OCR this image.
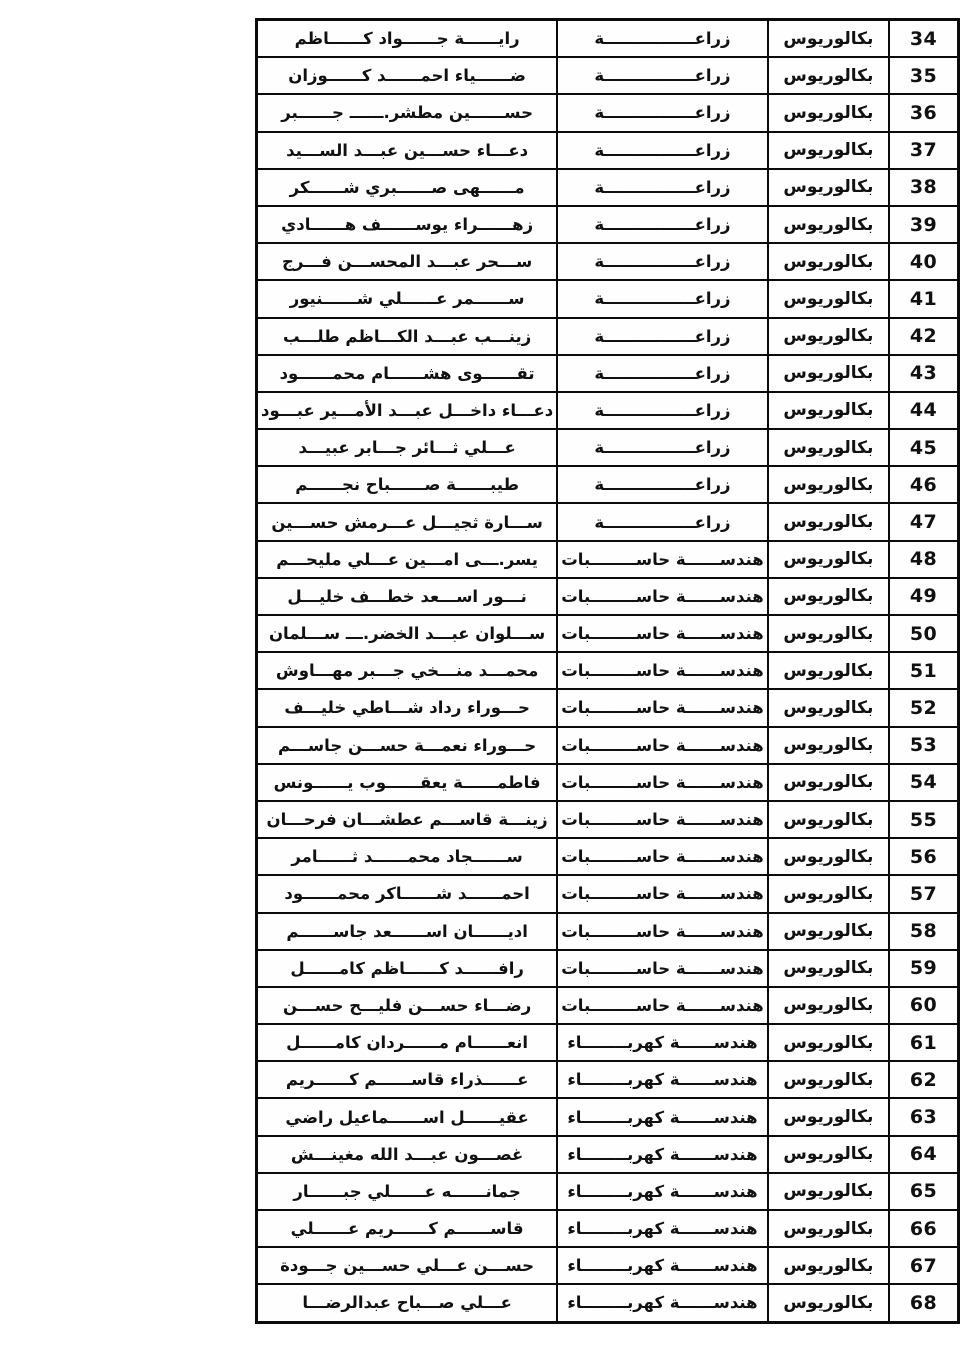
34	بكالوريوس	زراعــــــــــــــــة	رايــــــة جــــــواد كــــــاظم
35	بكالوريوس	زراعــــــــــــــــة	ضــــــياء احمــــــد كــــــوزان
36	بكالوريوس	زراعــــــــــــــــة	حســــــين مطشر.ــــــ جــــــبر
37	بكالوريوس	زراعــــــــــــــــة	دعـــاء حســـين عبـــد الســـيد
38	بكالوريوس	زراعــــــــــــــــة	مــــــهى صــــــبري شــــــكر
39	بكالوريوس	زراعــــــــــــــــة	زهــــــراء يوســــــف هــــــادي
40	بكالوريوس	زراعــــــــــــــــة	ســـحر عبـــد المحســـن فـــرج
41	بكالوريوس	زراعــــــــــــــــة	ســــــمر عــــــلي شــــــنيور
42	بكالوريوس	زراعــــــــــــــــة	زينـــب عبـــد الكـــاظم طلـــب
43	بكالوريوس	زراعــــــــــــــــة	تقــــــوى هشــــــام محمــــــود
44	بكالوريوس	زراعــــــــــــــــة	دعـــاء داخـــل عبـــد الأمـــير عبـــود
45	بكالوريوس	زراعــــــــــــــــة	عـــلي ثـــائر جـــابر عبيـــد
46	بكالوريوس	زراعــــــــــــــــة	طيبــــــة صــــــباح نجــــــم
47	بكالوريوس	زراعــــــــــــــــة	ســـارة ثجيـــل عـــرمش حســـين
48	بكالوريوس	هندســــــة حاســــــــبات	يسر.ـــى امـــين عـــلي مليحـــم
49	بكالوريوس	هندســــــة حاســــــــبات	نـــور اســـعد خطـــف خليـــل
50	بكالوريوس	هندســــــة حاســــــــبات	ســـلوان عبـــد الخضر.ـــ ســـلمان
51	بكالوريوس	هندســــــة حاســــــــبات	محمـــد منـــخي جـــبر مهـــاوش
52	بكالوريوس	هندســــــة حاســــــــبات	حـــوراء رداد شـــاطي خليـــف
53	بكالوريوس	هندســــــة حاســــــــبات	حـــوراء نعمـــة حســـن جاســـم
54	بكالوريوس	هندســــــة حاســــــــبات	فاطمــــــة يعقــــــوب يــــــونس
55	بكالوريوس	هندســــــة حاســــــــبات	زينـــة قاســـم عطشـــان فرحـــان
56	بكالوريوس	هندســــــة حاســــــــبات	ســــــجاد محمــــــد ثــــــامر
57	بكالوريوس	هندســــــة حاســــــــبات	احمــــــد شــــــاكر محمــــــود
58	بكالوريوس	هندســــــة حاســــــــبات	اديــــــان اســــــعد جاســــــم
59	بكالوريوس	هندســــــة حاســــــــبات	رافــــــد كــــــاظم كامــــــل
60	بكالوريوس	هندســــــة حاســــــــبات	رضـــاء حســـن فليـــح حســـن
61	بكالوريوس	هندســــــة كهربــــــــاء	انعــــــام مــــــردان كامــــــل
62	بكالوريوس	هندســــــة كهربــــــــاء	عــــــذراء قاســــــم كــــــريم
63	بكالوريوس	هندســــــة كهربــــــــاء	عقيــــــل اســــــماعيل راضي
64	بكالوريوس	هندســــــة كهربــــــــاء	غصـــون عبـــد الله مغينـــش
65	بكالوريوس	هندســــــة كهربــــــــاء	جمانــــــه عــــــلي جبــــــار
66	بكالوريوس	هندســــــة كهربــــــــاء	قاســــــم كــــــريم عــــــلي
67	بكالوريوس	هندســــــة كهربــــــــاء	حســـن عـــلي حســـين جـــودة
68	بكالوريوس	هندســــــة كهربــــــــاء	عـــلي صـــباح عبدالرضـــا
